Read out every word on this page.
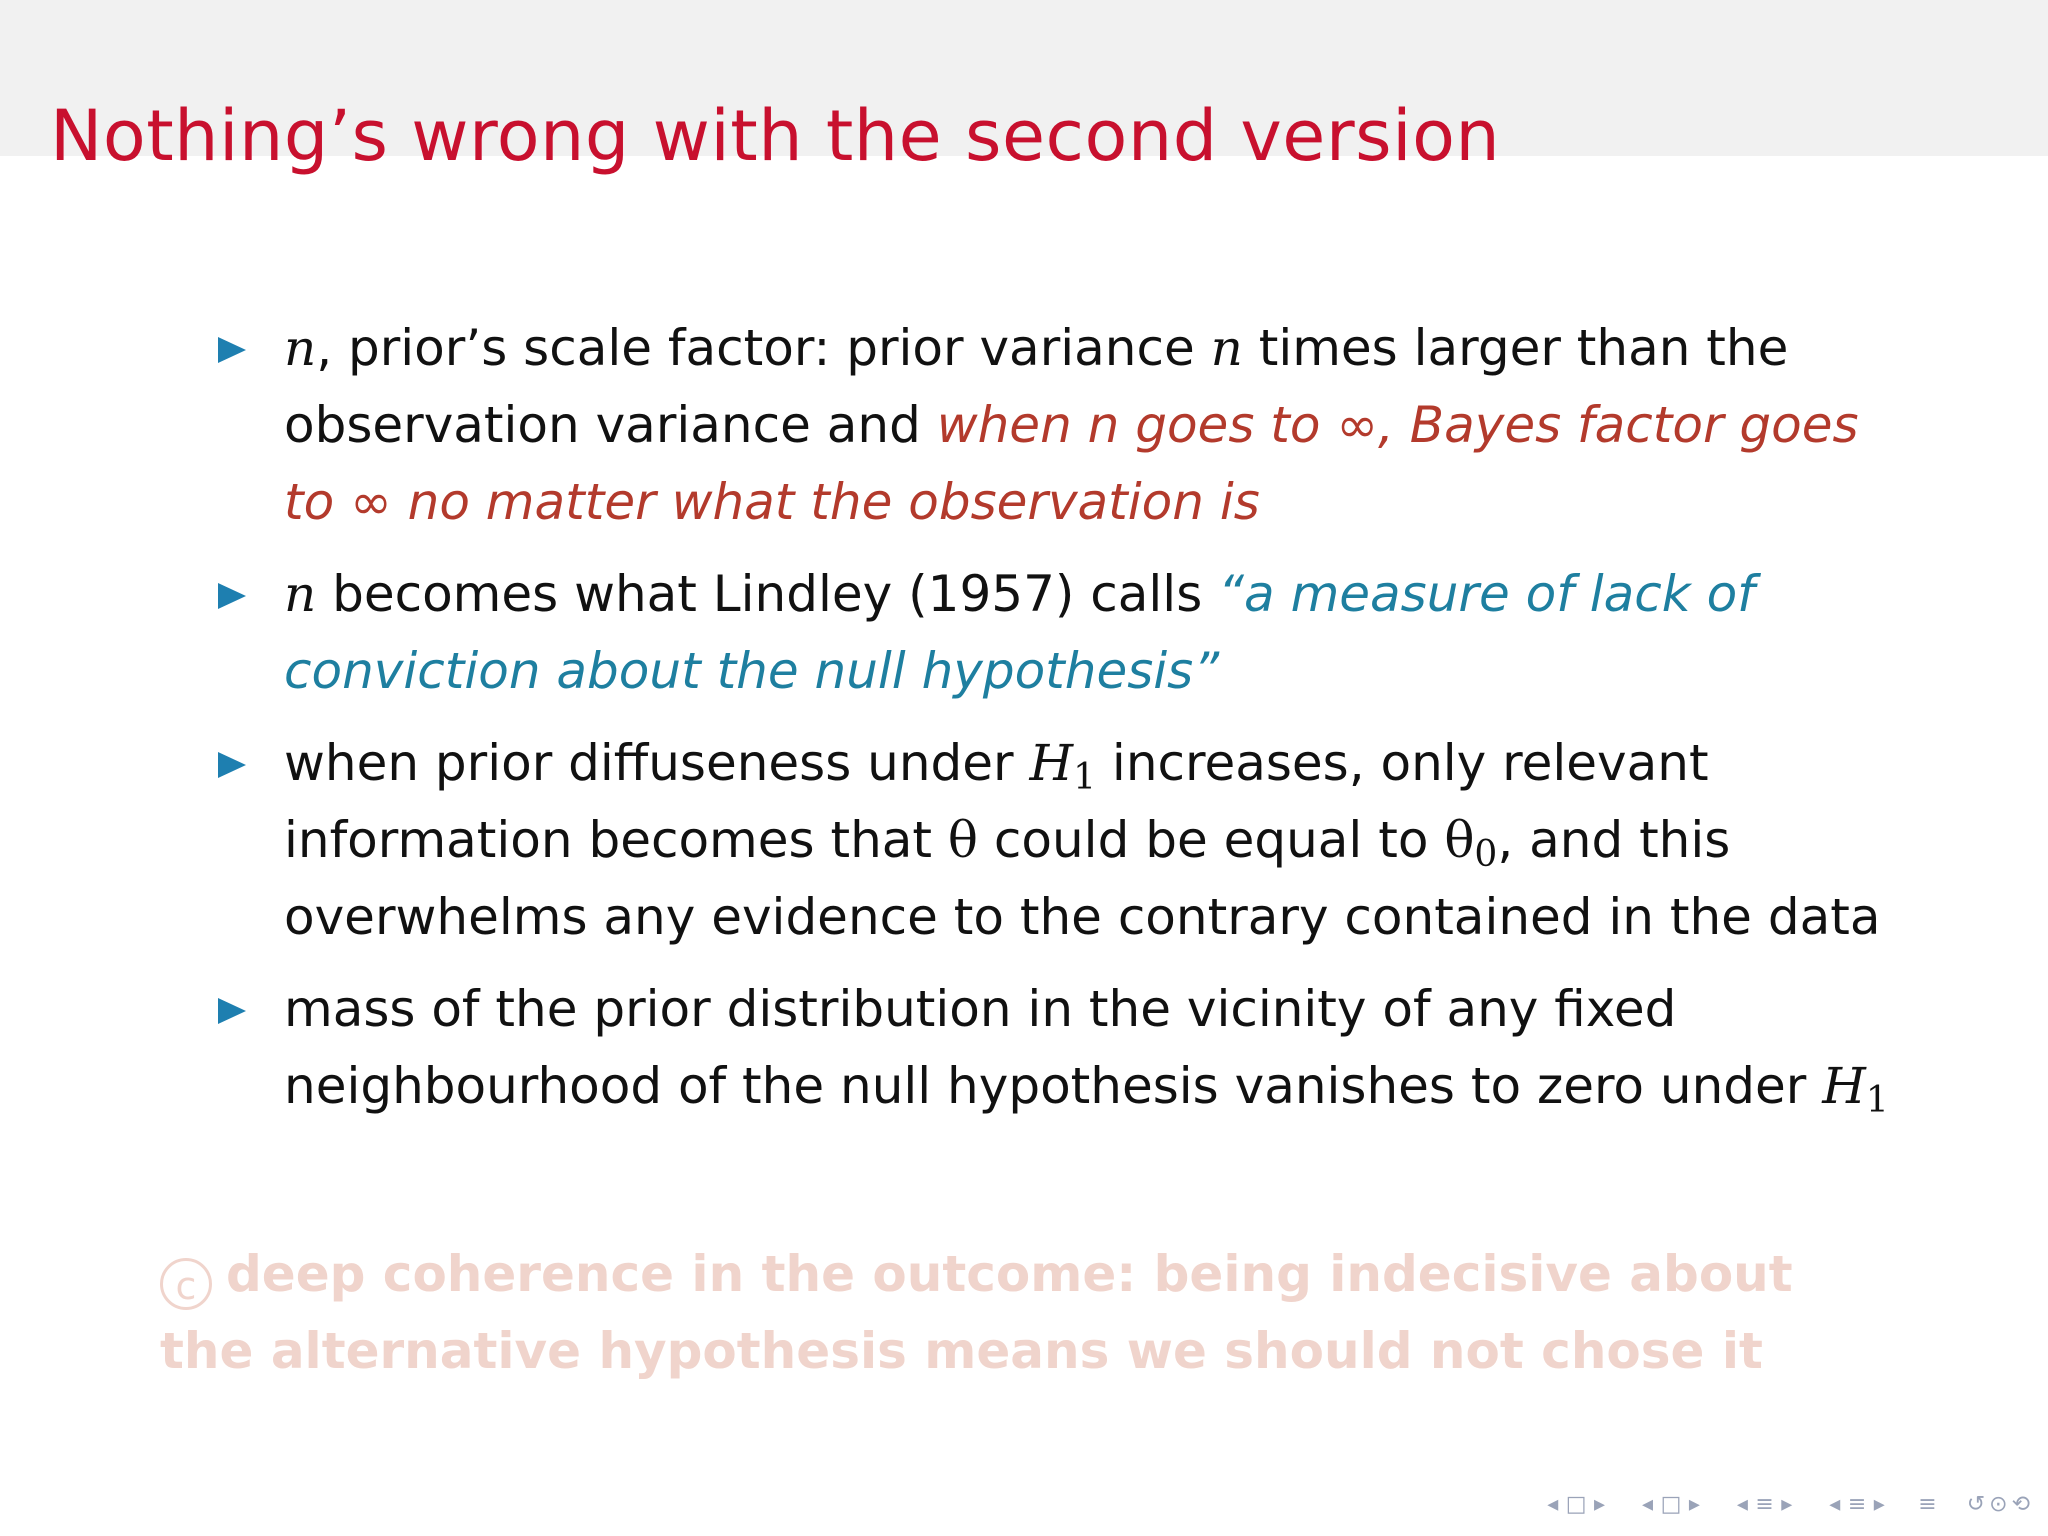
Nothing’s wrong with the second version
n, prior’s scale factor: prior variance n times larger than the observation variance and when n goes to ∞, Bayes factor goes to ∞ no matter what the observation is
n becomes what Lindley (1957) calls “a measure of lack of conviction about the null hypothesis”
when prior diffuseness under $H_1$ increases, only relevant information becomes that θ could be equal to $\theta_0$, and this overwhelms any evidence to the contrary contained in the data
mass of the prior distribution in the vicinity of any fixed neighbourhood of the null hypothesis vanishes to zero under $H_1$
c deep coherence in the outcome: being indecisive about the alternative hypothesis means we should not chose it
◂ □ ▸ ◂ □ ▸ ◂ ≡ ▸ ◂ ≡ ▸ ≡ ↺ ⊙ ⟲
